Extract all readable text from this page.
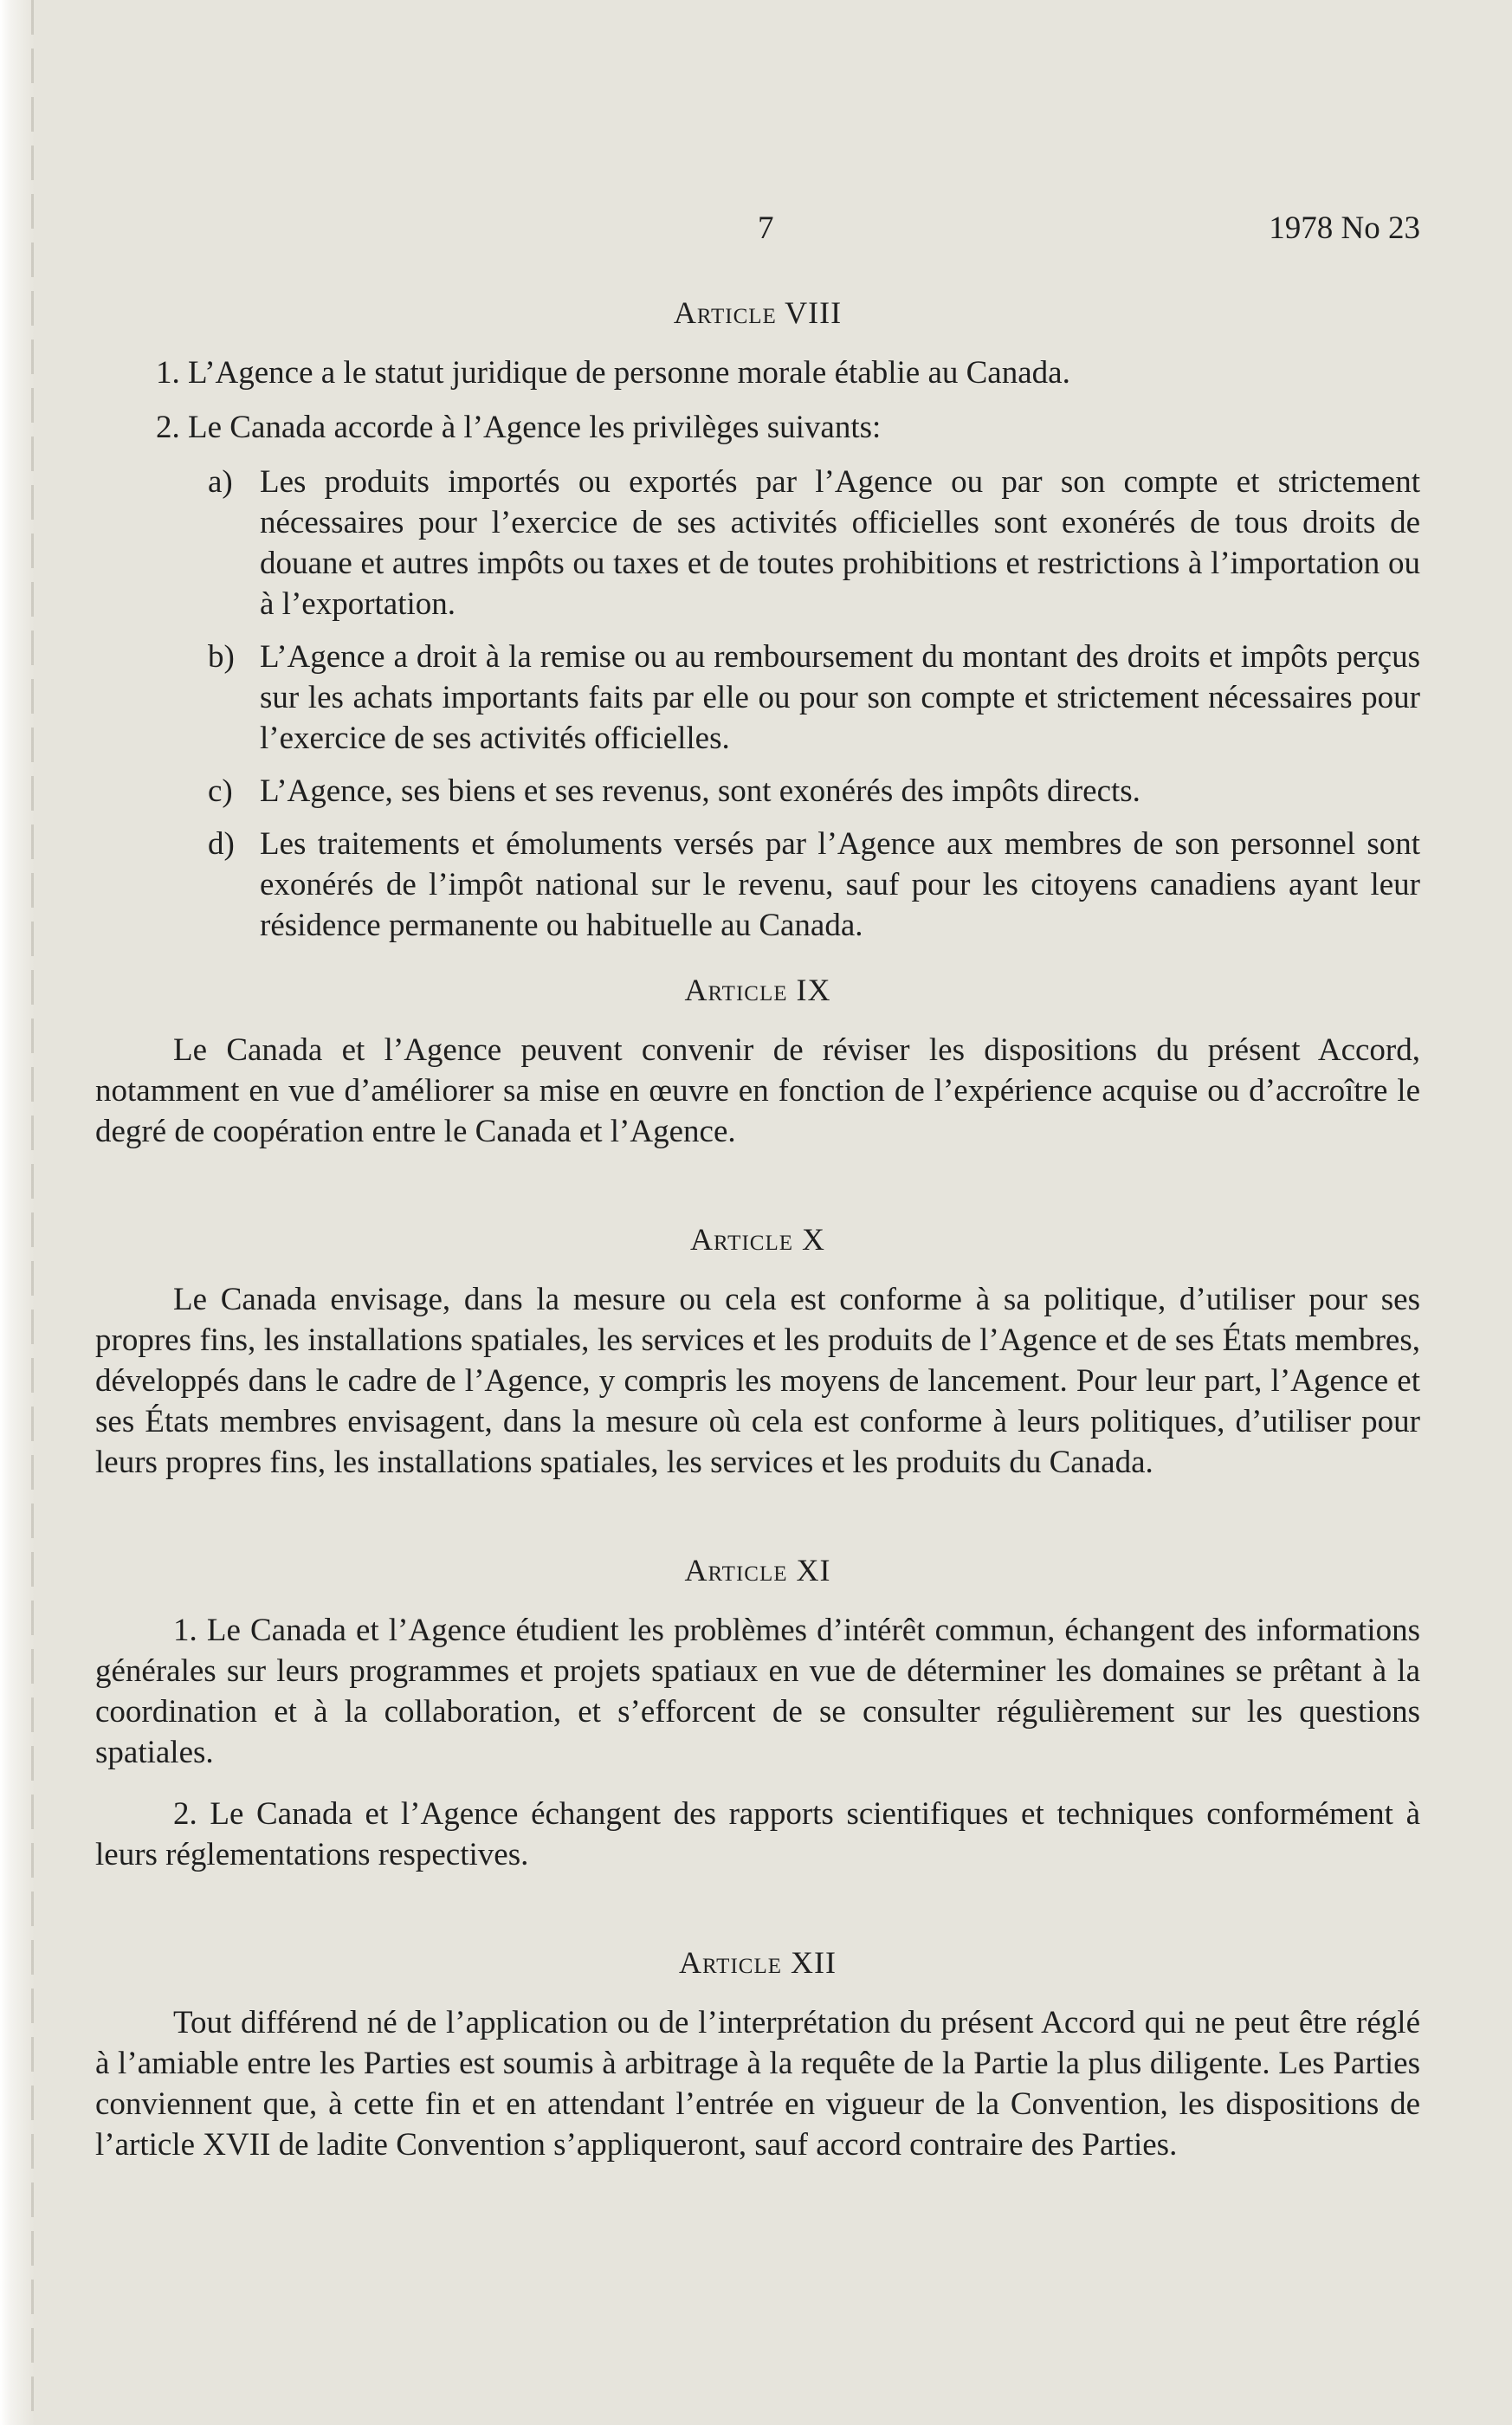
7	1978 No 23
Article VIII

1. L’Agence a le statut juridique de personne morale établie au Canada.

2. Le Canada accorde à l’Agence les privilèges suivants:

a) Les produits importés ou exportés par l’Agence ou par son compte et strictement nécessaires pour l’exercice de ses activités officielles sont exonérés de tous droits de douane et autres impôts ou taxes et de toutes prohibitions et restrictions à l’importation ou à l’exportation.
b) L’Agence a droit à la remise ou au remboursement du montant des droits et impôts perçus sur les achats importants faits par elle ou pour son compte et strictement nécessaires pour l’exercice de ses activités officielles.
c) L’Agence, ses biens et ses revenus, sont exonérés des impôts directs.
d) Les traitements et émoluments versés par l’Agence aux membres de son personnel sont exonérés de l’impôt national sur le revenu, sauf pour les citoyens canadiens ayant leur résidence permanente ou habituelle au Canada.
Article IX

Le Canada et l’Agence peuvent convenir de réviser les dispositions du présent Accord, notamment en vue d’améliorer sa mise en œuvre en fonction de l’expérience acquise ou d’accroître le degré de coopération entre le Canada et l’Agence.

Article X

Le Canada envisage, dans la mesure ou cela est conforme à sa politique, d’utiliser pour ses propres fins, les installations spatiales, les services et les produits de l’Agence et de ses États membres, développés dans le cadre de l’Agence, y compris les moyens de lancement. Pour leur part, l’Agence et ses États membres envisagent, dans la mesure où cela est conforme à leurs politiques, d’utiliser pour leurs propres fins, les installations spatiales, les services et les produits du Canada.

Article XI

1. Le Canada et l’Agence étudient les problèmes d’intérêt commun, échangent des informations générales sur leurs programmes et projets spatiaux en vue de déterminer les domaines se prêtant à la coordination et à la collaboration, et s’efforcent de se consulter régulièrement sur les questions spatiales.

2. Le Canada et l’Agence échangent des rapports scientifiques et techniques conformément à leurs réglementations respectives.

Article XII

Tout différend né de l’application ou de l’interprétation du présent Accord qui ne peut être réglé à l’amiable entre les Parties est soumis à arbitrage à la requête de la Partie la plus diligente. Les Parties conviennent que, à cette fin et en attendant l’entrée en vigueur de la Convention, les dispositions de l’article XVII de ladite Convention s’appliqueront, sauf accord contraire des Parties.
